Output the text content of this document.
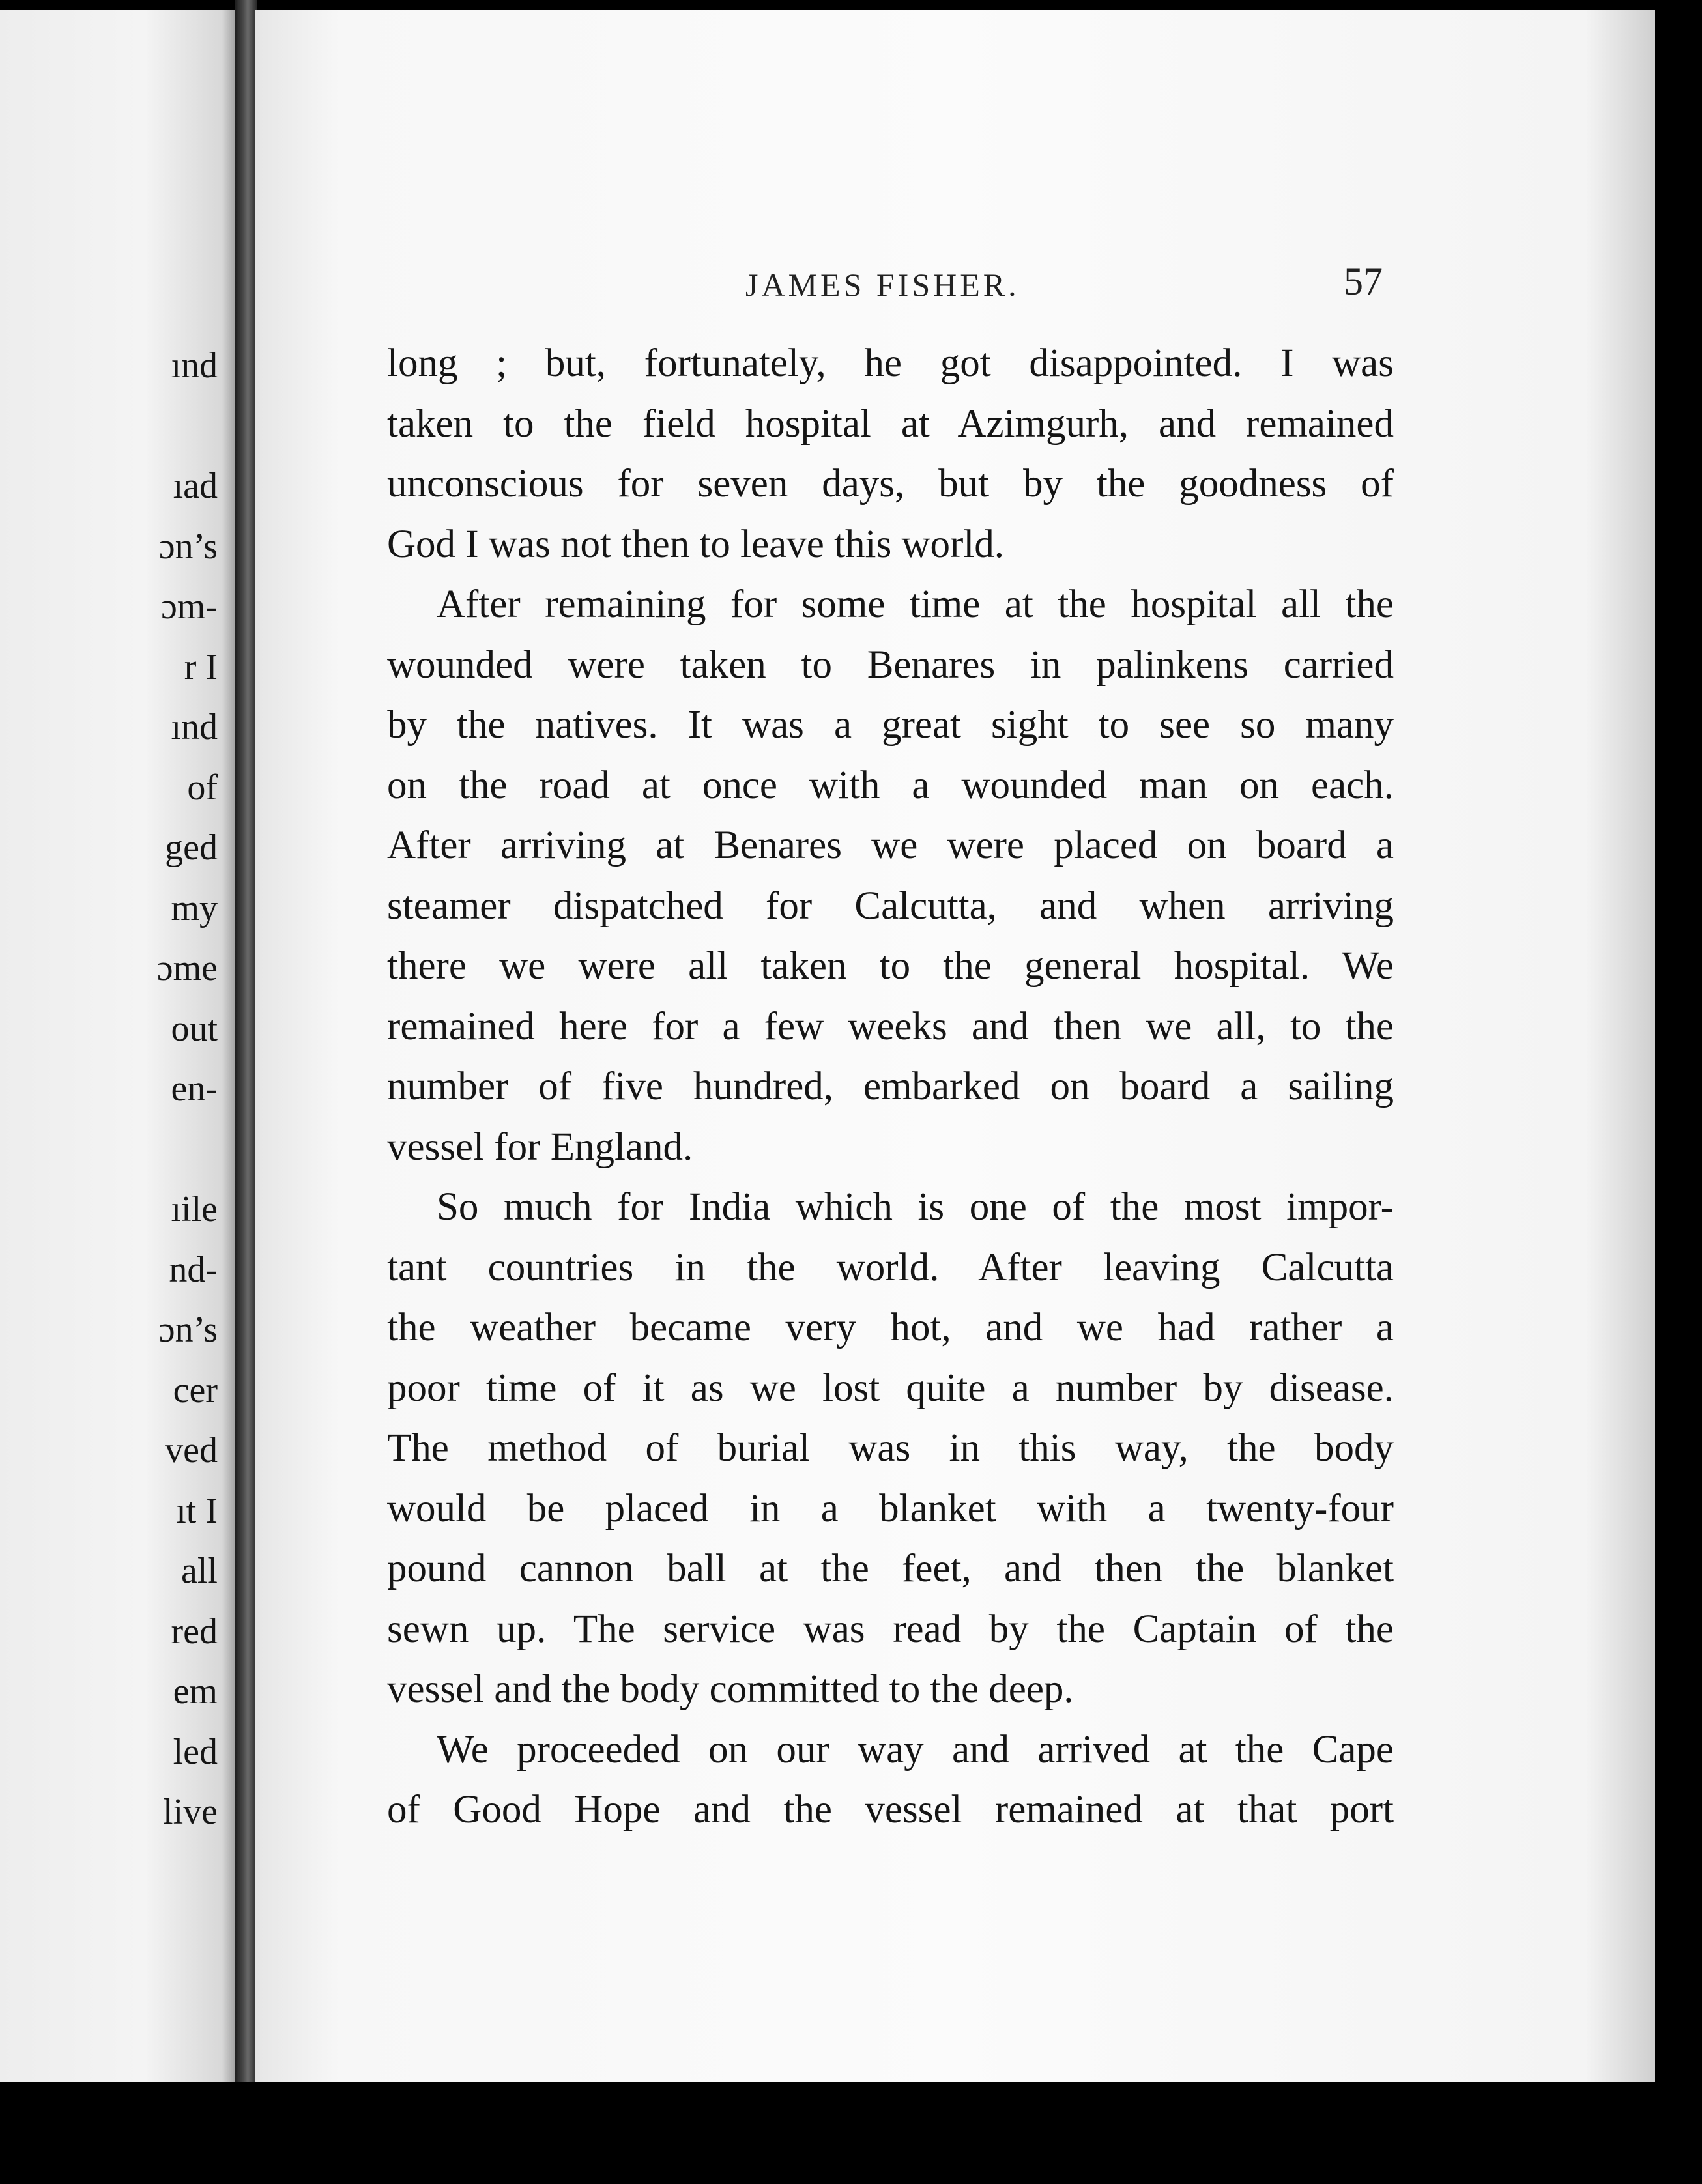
ınd
ıad
ɔn’s
ɔm-
r I
ınd
of
ged
my
ɔme
out
en-
ıile
nd-
ɔn’s
cer
ved
ıt I
all
red
em
led
live
JAMES FISHER.	57
long ; but, fortunately, he got disappointed. I was
taken to the field hospital at Azimgurh, and remained
unconscious for seven days, but by the goodness of
God I was not then to leave this world.
After remaining for some time at the hospital all the
wounded were taken to Benares in palinkens carried
by the natives. It was a great sight to see so many
on the road at once with a wounded man on each.
After arriving at Benares we were placed on board a
steamer dispatched for Calcutta, and when arriving
there we were all taken to the general hospital. We
remained here for a few weeks and then we all, to the
number of five hundred, embarked on board a sailing
vessel for England.
So much for India which is one of the most impor-
tant countries in the world. After leaving Calcutta
the weather became very hot, and we had rather a
poor time of it as we lost quite a number by disease.
The method of burial was in this way, the body
would be placed in a blanket with a twenty-four
pound cannon ball at the feet, and then the blanket
sewn up. The service was read by the Captain of the
vessel and the body committed to the deep.
We proceeded on our way and arrived at the Cape
of Good Hope and the vessel remained at that port
